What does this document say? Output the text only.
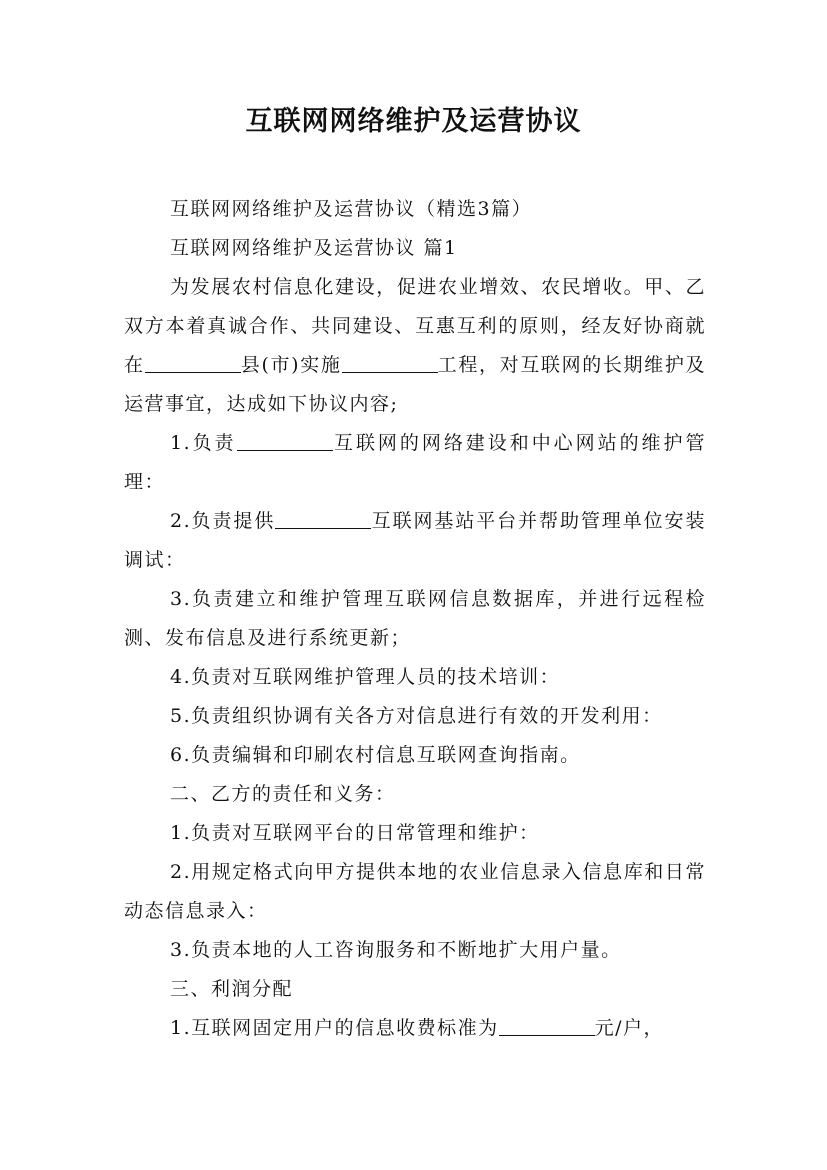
互联网网络维护及运营协议

互联网网络维护及运营协议（精选3篇）

互联网网络维护及运营协议 篇1

为发展农村信息化建设，促进农业增效、农民增收。甲、乙双方本着真诚合作、共同建设、互惠互利的原则，经友好协商就在	县(市)实施	工程，对互联网的长期维护及运营事宜，达成如下协议内容;

1.负责	互联网的网络建设和中心网站的维护管理：

2.负责提供	互联网基站平台并帮助管理单位安装调试：

3.负责建立和维护管理互联网信息数据库，并进行远程检测、发布信息及进行系统更新；

4.负责对互联网维护管理人员的技术培训：

5.负责组织协调有关各方对信息进行有效的开发利用：

6.负责编辑和印刷农村信息互联网查询指南。

二、乙方的责任和义务：

1.负责对互联网平台的日常管理和维护：

2.用规定格式向甲方提供本地的农业信息录入信息库和日常动态信息录入：

3.负责本地的人工咨询服务和不断地扩大用户量。

三、利润分配

1.互联网固定用户的信息收费标准为	元/户，
